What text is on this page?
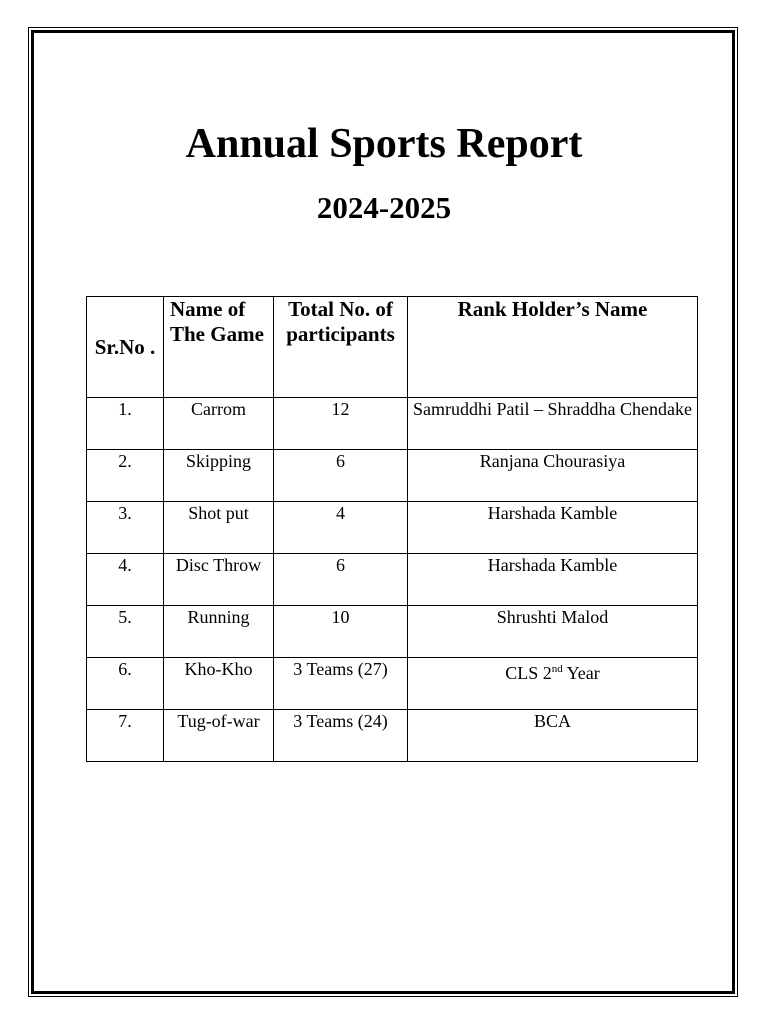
Annual Sports Report
2024-2025
Sr.No .	Name of The Game	Total No. of participants	Rank Holder’s Name
1.	Carrom	12	Samruddhi Patil – Shraddha Chendake
2.	Skipping	6	Ranjana Chourasiya
3.	Shot put	4	Harshada Kamble
4.	Disc Throw	6	Harshada Kamble
5.	Running	10	Shrushti Malod
6.	Kho-Kho	3 Teams (27)	CLS 2nd Year
7.	Tug-of-war	3 Teams (24)	BCA
